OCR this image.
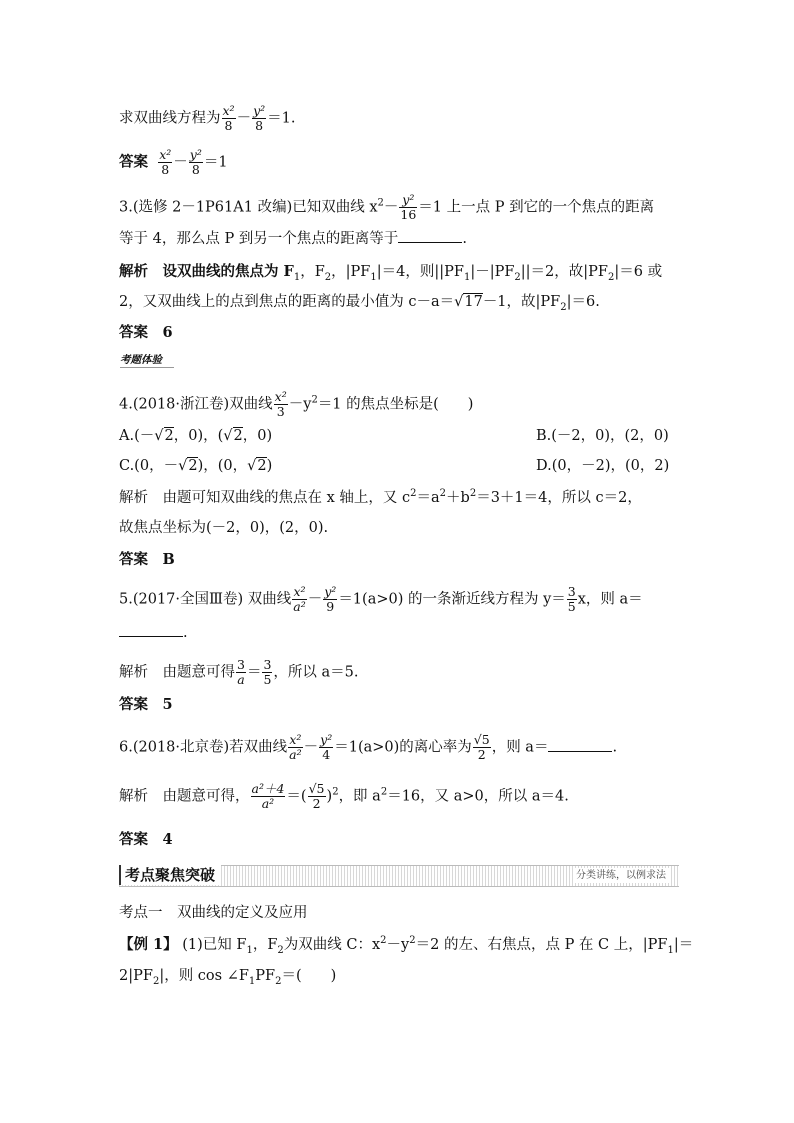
求双曲线方程为 $\frac{\text{x²}}{8} - \frac{\text{y²}}{8} =1$.
答案 $\frac{\text{x²}}{8} - \frac{\text{y²}}{8} =1$
3.(选修 2－1P61A1 改编)已知双曲线 $x^2- \frac{\text{y²}}{16} =1$ 上一点 P 到它的一个焦点的距离
等于 4，那么点 P 到另一个焦点的距离等于	.
解析　设双曲线的焦点为 $F_1$，$F_2$，$|PF_1|=4$，则$||PF_1|-|PF_2||=2$，故$|PF_2|=6$ 或
2，又双曲线上的点到焦点的距离的最小值为 c－a＝√17－1，故$|PF_2|=6$.
答案　6
考题体验
4.(2018·浙江卷)双曲线 $\frac{\text{x²}}{3} -y^2=1$ 的焦点坐标是(　　)
A.(－√2，0)，(√2，0)	B.(－2，0)，(2，0)
C.(0，－√2)，(0，√2)	D.(0，－2)，(0，2)
解析　由题可知双曲线的焦点在 x 轴上，又 $c^2=a^2+b^2=3+1=4$，所以 c＝2，
故焦点坐标为(－2，0)，(2，0).
答案　B
5.(2017·全国Ⅲ卷) 双曲线 $\frac{\text{x²}}{\text{a²}} - \frac{\text{y²}}{9} =1(a>0)$ 的一条渐近线方程为 $y= \frac{3}{5}$ x，则 a＝
.
解析　由题意可得 $\frac{3}{a} = \frac{3}{5}$ ，所以 a＝5.
答案　5
6.(2018·北京卷)若双曲线 $\frac{\text{x²}}{\text{a²}} - \frac{\text{y²}}{4} =1(a>0)$的离心率为 $\frac{√5}{2}$ ，则 a＝	.
解析　由题意可得， $\frac{\text{a²＋4}}{\text{a²}}$ ＝( $\frac{√5}{2} )^2$，即 $a^2=16$，又 a>0，所以 a＝4.
答案　4
考点聚焦突破	分类讲练，以例求法
考点一　双曲线的定义及应用
【例 1】 (1)已知 $F_1$，$F_2$为双曲线 C：$x^2-y^2=2$ 的左、右焦点，点 P 在 C 上，$|PF_1|=$
$2|PF_2|$，则 $\cos \angle F_1PF_2=$(　　)
